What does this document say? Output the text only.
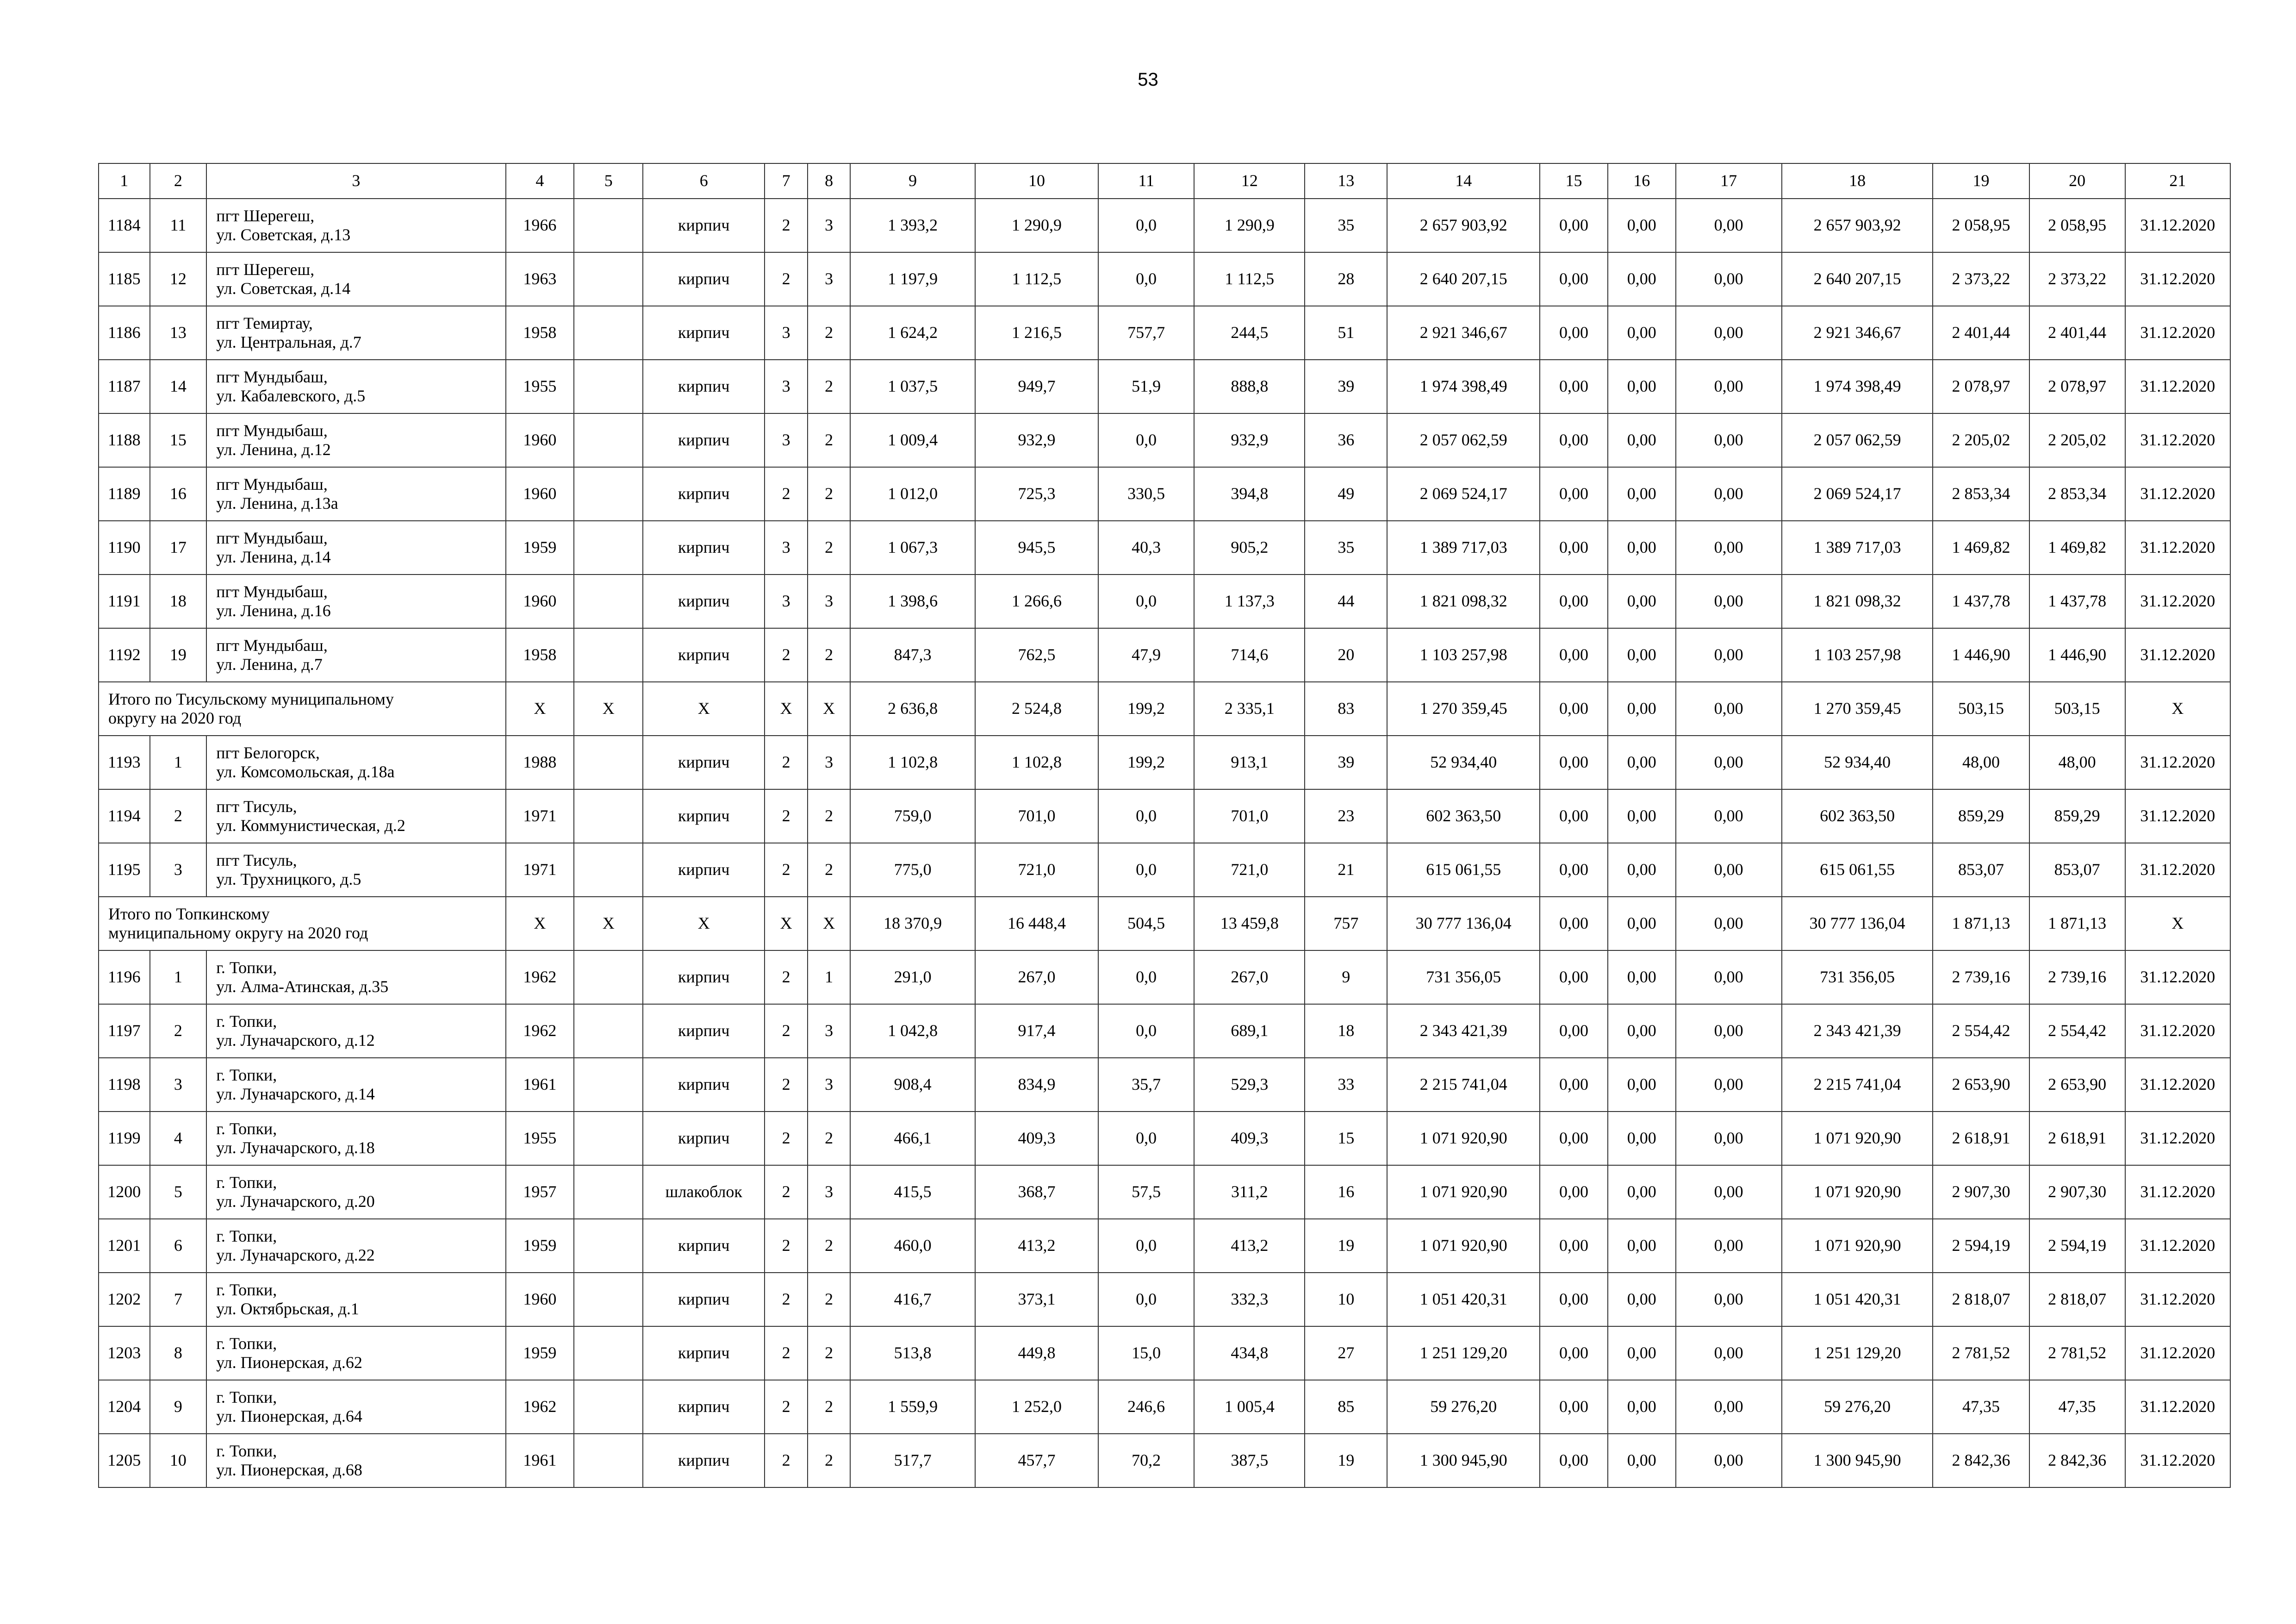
53
1	2	3	4	5	6	7	8	9	10	11	12	13	14	15	16	17	18	19	20	21
1184	11	пгт Шерегеш,
ул. Советская, д.13	1966		кирпич	2	3	1 393,2	1 290,9	0,0	1 290,9	35	2 657 903,92	0,00	0,00	0,00	2 657 903,92	2 058,95	2 058,95	31.12.2020
1185	12	пгт Шерегеш,
ул. Советская, д.14	1963		кирпич	2	3	1 197,9	1 112,5	0,0	1 112,5	28	2 640 207,15	0,00	0,00	0,00	2 640 207,15	2 373,22	2 373,22	31.12.2020
1186	13	пгт Темиртау,
ул. Центральная, д.7	1958		кирпич	3	2	1 624,2	1 216,5	757,7	244,5	51	2 921 346,67	0,00	0,00	0,00	2 921 346,67	2 401,44	2 401,44	31.12.2020
1187	14	пгт Мундыбаш,
ул. Кабалевского, д.5	1955		кирпич	3	2	1 037,5	949,7	51,9	888,8	39	1 974 398,49	0,00	0,00	0,00	1 974 398,49	2 078,97	2 078,97	31.12.2020
1188	15	пгт Мундыбаш,
ул. Ленина, д.12	1960		кирпич	3	2	1 009,4	932,9	0,0	932,9	36	2 057 062,59	0,00	0,00	0,00	2 057 062,59	2 205,02	2 205,02	31.12.2020
1189	16	пгт Мундыбаш,
ул. Ленина, д.13а	1960		кирпич	2	2	1 012,0	725,3	330,5	394,8	49	2 069 524,17	0,00	0,00	0,00	2 069 524,17	2 853,34	2 853,34	31.12.2020
1190	17	пгт Мундыбаш,
ул. Ленина, д.14	1959		кирпич	3	2	1 067,3	945,5	40,3	905,2	35	1 389 717,03	0,00	0,00	0,00	1 389 717,03	1 469,82	1 469,82	31.12.2020
1191	18	пгт Мундыбаш,
ул. Ленина, д.16	1960		кирпич	3	3	1 398,6	1 266,6	0,0	1 137,3	44	1 821 098,32	0,00	0,00	0,00	1 821 098,32	1 437,78	1 437,78	31.12.2020
1192	19	пгт Мундыбаш,
ул. Ленина, д.7	1958		кирпич	2	2	847,3	762,5	47,9	714,6	20	1 103 257,98	0,00	0,00	0,00	1 103 257,98	1 446,90	1 446,90	31.12.2020
Итого по Тисульскому муниципальному
округу на 2020 год			X	X	X	X	X	2 636,8	2 524,8	199,2	2 335,1	83	1 270 359,45	0,00	0,00	0,00	1 270 359,45	503,15	503,15	X
1193	1	пгт Белогорск,
ул. Комсомольская, д.18а	1988		кирпич	2	3	1 102,8	1 102,8	199,2	913,1	39	52 934,40	0,00	0,00	0,00	52 934,40	48,00	48,00	31.12.2020
1194	2	пгт Тисуль,
ул. Коммунистическая, д.2	1971		кирпич	2	2	759,0	701,0	0,0	701,0	23	602 363,50	0,00	0,00	0,00	602 363,50	859,29	859,29	31.12.2020
1195	3	пгт Тисуль,
ул. Трухницкого, д.5	1971		кирпич	2	2	775,0	721,0	0,0	721,0	21	615 061,55	0,00	0,00	0,00	615 061,55	853,07	853,07	31.12.2020
Итого по Топкинскому
муниципальному округу на 2020 год			X	X	X	X	X	18 370,9	16 448,4	504,5	13 459,8	757	30 777 136,04	0,00	0,00	0,00	30 777 136,04	1 871,13	1 871,13	X
1196	1	г. Топки,
ул. Алма-Атинская, д.35	1962		кирпич	2	1	291,0	267,0	0,0	267,0	9	731 356,05	0,00	0,00	0,00	731 356,05	2 739,16	2 739,16	31.12.2020
1197	2	г. Топки,
ул. Луначарского, д.12	1962		кирпич	2	3	1 042,8	917,4	0,0	689,1	18	2 343 421,39	0,00	0,00	0,00	2 343 421,39	2 554,42	2 554,42	31.12.2020
1198	3	г. Топки,
ул. Луначарского, д.14	1961		кирпич	2	3	908,4	834,9	35,7	529,3	33	2 215 741,04	0,00	0,00	0,00	2 215 741,04	2 653,90	2 653,90	31.12.2020
1199	4	г. Топки,
ул. Луначарского, д.18	1955		кирпич	2	2	466,1	409,3	0,0	409,3	15	1 071 920,90	0,00	0,00	0,00	1 071 920,90	2 618,91	2 618,91	31.12.2020
1200	5	г. Топки,
ул. Луначарского, д.20	1957		шлакоблок	2	3	415,5	368,7	57,5	311,2	16	1 071 920,90	0,00	0,00	0,00	1 071 920,90	2 907,30	2 907,30	31.12.2020
1201	6	г. Топки,
ул. Луначарского, д.22	1959		кирпич	2	2	460,0	413,2	0,0	413,2	19	1 071 920,90	0,00	0,00	0,00	1 071 920,90	2 594,19	2 594,19	31.12.2020
1202	7	г. Топки,
ул. Октябрьская, д.1	1960		кирпич	2	2	416,7	373,1	0,0	332,3	10	1 051 420,31	0,00	0,00	0,00	1 051 420,31	2 818,07	2 818,07	31.12.2020
1203	8	г. Топки,
ул. Пионерская, д.62	1959		кирпич	2	2	513,8	449,8	15,0	434,8	27	1 251 129,20	0,00	0,00	0,00	1 251 129,20	2 781,52	2 781,52	31.12.2020
1204	9	г. Топки,
ул. Пионерская, д.64	1962		кирпич	2	2	1 559,9	1 252,0	246,6	1 005,4	85	59 276,20	0,00	0,00	0,00	59 276,20	47,35	47,35	31.12.2020
1205	10	г. Топки,
ул. Пионерская, д.68	1961		кирпич	2	2	517,7	457,7	70,2	387,5	19	1 300 945,90	0,00	0,00	0,00	1 300 945,90	2 842,36	2 842,36	31.12.2020
